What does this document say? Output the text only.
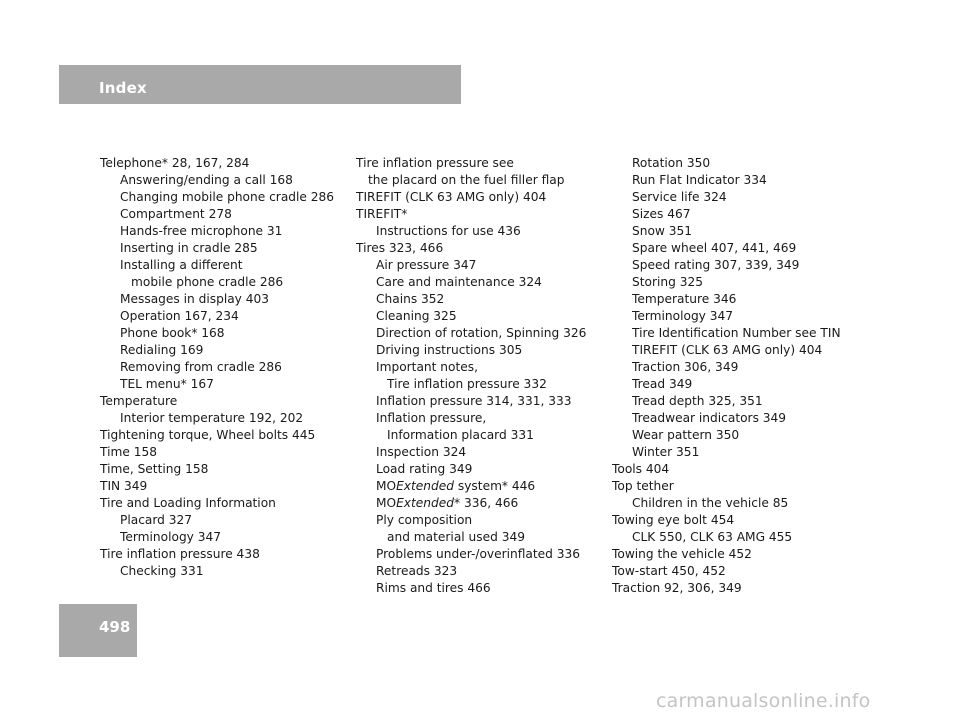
Index
Telephone* 28, 167, 284
Answering/ending a call 168
Changing mobile phone cradle 286
Compartment 278
Hands-free microphone 31
Inserting in cradle 285
Installing a different
mobile phone cradle 286
Messages in display 403
Operation 167, 234
Phone book* 168
Redialing 169
Removing from cradle 286
TEL menu* 167
Temperature
Interior temperature 192, 202
Tightening torque, Wheel bolts 445
Time 158
Time, Setting 158
TIN 349
Tire and Loading Information
Placard 327
Terminology 347
Tire inflation pressure 438
Checking 331
Tire inflation pressure see
the placard on the fuel filler flap
TIREFIT (CLK 63 AMG only) 404
TIREFIT*
Instructions for use 436
Tires 323, 466
Air pressure 347
Care and maintenance 324
Chains 352
Cleaning 325
Direction of rotation, Spinning 326
Driving instructions 305
Important notes,
Tire inflation pressure 332
Inflation pressure 314, 331, 333
Inflation pressure,
Information placard 331
Inspection 324
Load rating 349
MOExtended system* 446
MOExtended* 336, 466
Ply composition
and material used 349
Problems under-/overinflated 336
Retreads 323
Rims and tires 466
Rotation 350
Run Flat Indicator 334
Service life 324
Sizes 467
Snow 351
Spare wheel 407, 441, 469
Speed rating 307, 339, 349
Storing 325
Temperature 346
Terminology 347
Tire Identification Number see TIN
TIREFIT (CLK 63 AMG only) 404
Traction 306, 349
Tread 349
Tread depth 325, 351
Treadwear indicators 349
Wear pattern 350
Winter 351
Tools 404
Top tether
Children in the vehicle 85
Towing eye bolt 454
CLK 550, CLK 63 AMG 455
Towing the vehicle 452
Tow-start 450, 452
Traction 92, 306, 349
498
carmanualsonline.info
